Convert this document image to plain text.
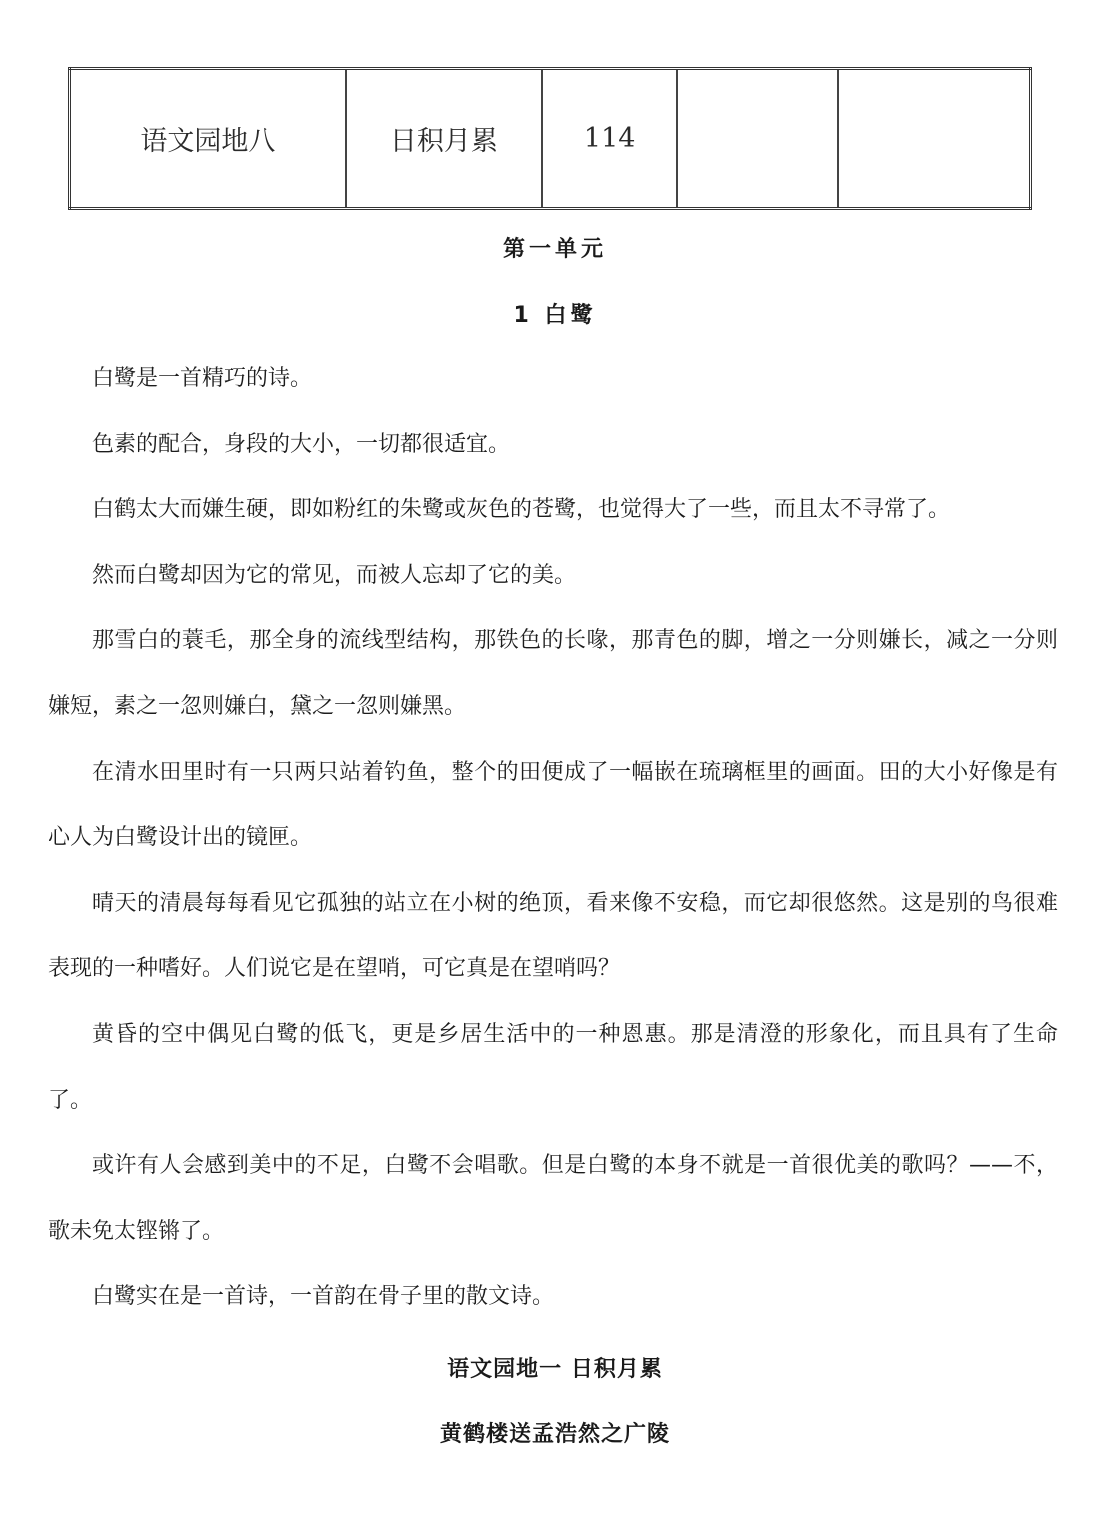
语文园地八	日积月累	114		
第一单元
1 白鹭

白鹭是一首精巧的诗。

色素的配合，身段的大小，一切都很适宜。

白鹤太大而嫌生硬，即如粉红的朱鹭或灰色的苍鹭，也觉得大了一些，而且太不寻常了。

然而白鹭却因为它的常见，而被人忘却了它的美。

那雪白的蓑毛，那全身的流线型结构，那铁色的长喙，那青色的脚，增之一分则嫌长，减之一分则嫌短，素之一忽则嫌白，黛之一忽则嫌黑。

在清水田里时有一只两只站着钓鱼，整个的田便成了一幅嵌在琉璃框里的画面。田的大小好像是有心人为白鹭设计出的镜匣。

晴天的清晨每每看见它孤独的站立在小树的绝顶，看来像不安稳，而它却很悠然。这是别的鸟很难表现的一种嗜好。人们说它是在望哨，可它真是在望哨吗？

黄昏的空中偶见白鹭的低飞，更是乡居生活中的一种恩惠。那是清澄的形象化，而且具有了生命了。

或许有人会感到美中的不足，白鹭不会唱歌。但是白鹭的本身不就是一首很优美的歌吗？——不，歌未免太铿锵了。

白鹭实在是一首诗，一首韵在骨子里的散文诗。

语文园地一 日积月累
黄鹤楼送孟浩然之广陵
